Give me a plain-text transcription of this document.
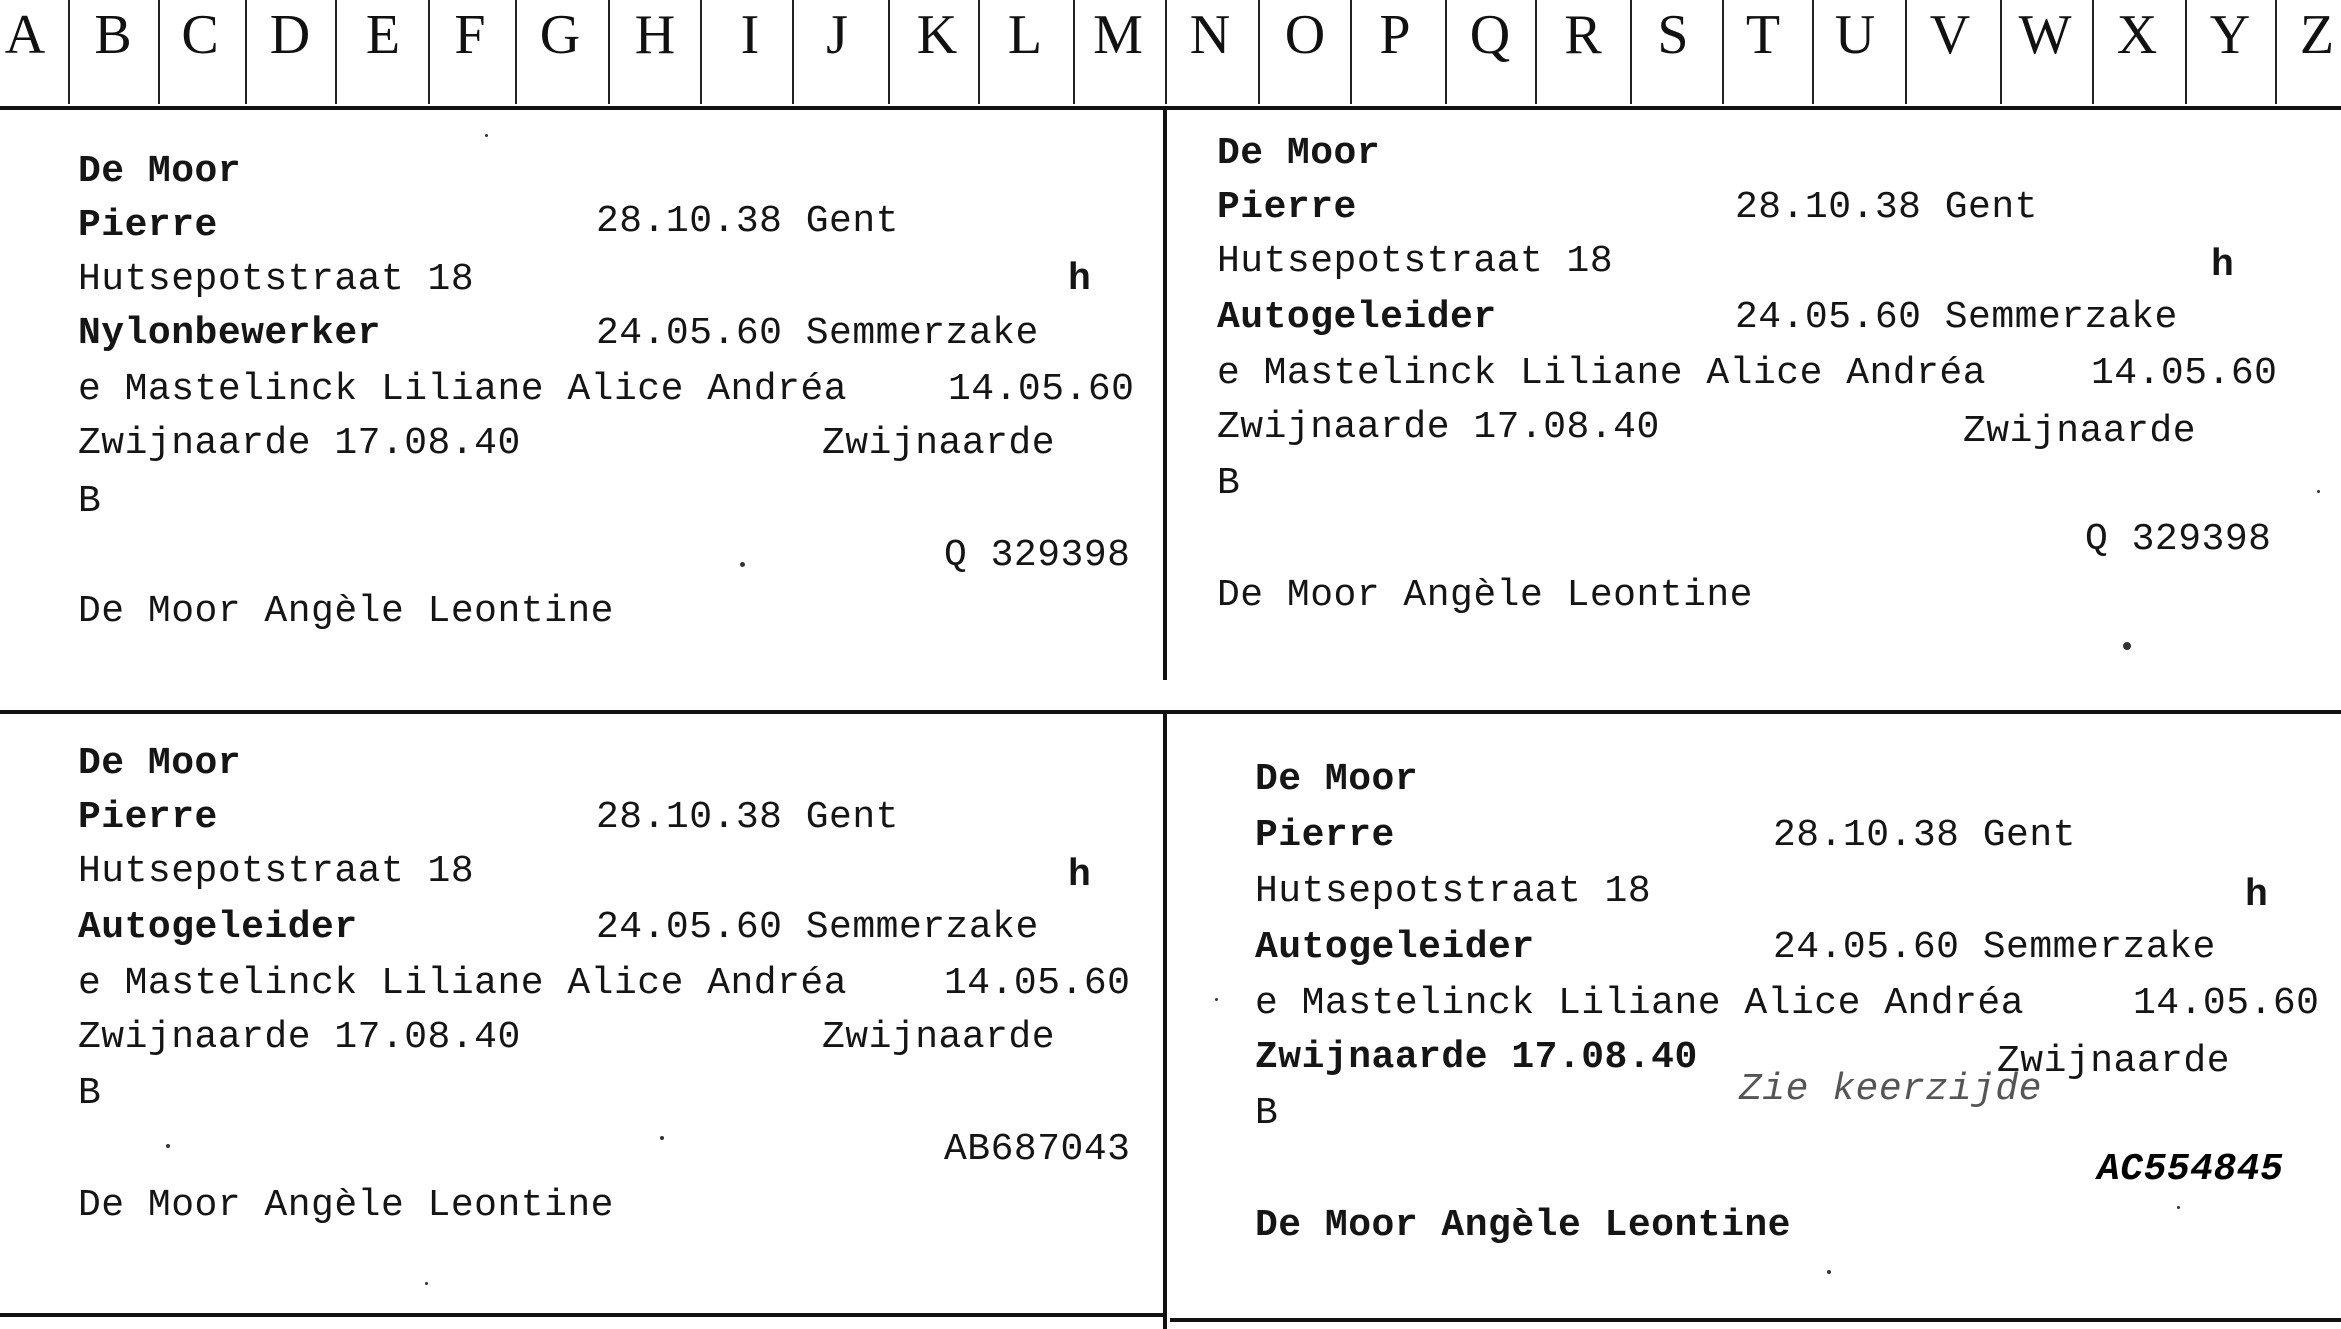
A B C D E F G H	I	J	K L M N O P	Q R S	T U V W X Y Z
De Moor
Pierre	28.10.38 Gent
Hutsepotstraat 18	h
Nylonbewerker	24.05.60 Semmerzake
e Mastelinck Liliane Alice Andréa	14.05.60
Zwijnaarde 17.08.40	Zwijnaarde
B
Q 329398
De Moor Angèle Leontine
De Moor
Pierre	28.10.38 Gent
Hutsepotstraat 18	h
Autogeleider	24.05.60 Semmerzake
e Mastelinck Liliane Alice Andréa	14.05.60
Zwijnaarde 17.08.40	Zwijnaarde
B
Q 329398
De Moor Angèle Leontine
De Moor
Pierre	28.10.38 Gent
Hutsepotstraat 18	h
Autogeleider	24.05.60 Semmerzake
e Mastelinck Liliane Alice Andréa	14.05.60
Zwijnaarde 17.08.40	Zwijnaarde
B
AB687043
De Moor Angèle Leontine
De Moor
Pierre	28.10.38 Gent
Hutsepotstraat 18	h
Autogeleider	24.05.60 Semmerzake
e Mastelinck Liliane Alice Andréa	14.05.60
Zwijnaarde 17.08.40	Zwijnaarde
Zie keerzijde
B
AC554845
De Moor Angèle Leontine
